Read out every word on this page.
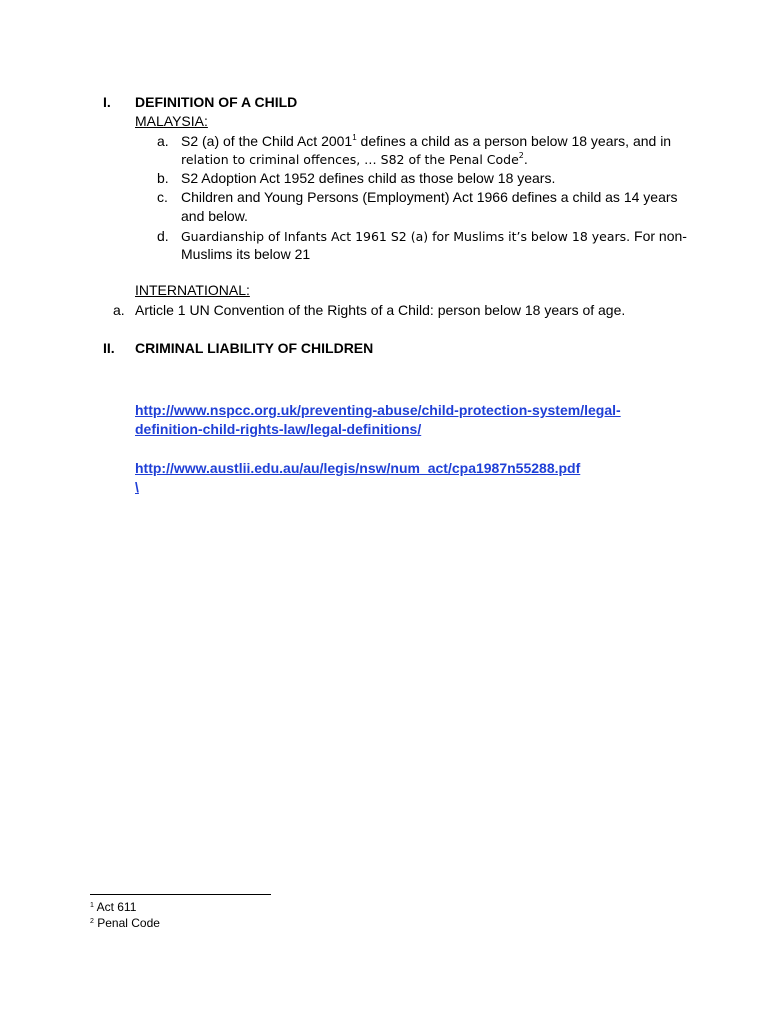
I. DEFINITION OF A CHILD
MALAYSIA:
a. S2 (a) of the Child Act 2001$^1$ defines a child as a person below 18 years, and in
relation to criminal offences, … S82 of the Penal Code$^2$.
b. S2 Adoption Act 1952 defines child as those below 18 years.
c. Children and Young Persons (Employment) Act 1966 defines a child as 14 years
and below.
d. Guardianship of Infants Act 1961 S2 (a) for Muslims it’s below 18 years. For non-
Muslims its below 21
INTERNATIONAL:
a. Article 1 UN Convention of the Rights of a Child: person below 18 years of age.
II. CRIMINAL LIABILITY OF CHILDREN
http://www.nspcc.org.uk/preventing-abuse/child-protection-system/legal-
definition-child-rights-law/legal-definitions/
http://www.austlii.edu.au/au/legis/nsw/num_act/cpa1987n55288.pdf
\
$^1$ Act 611
$^2$ Penal Code
